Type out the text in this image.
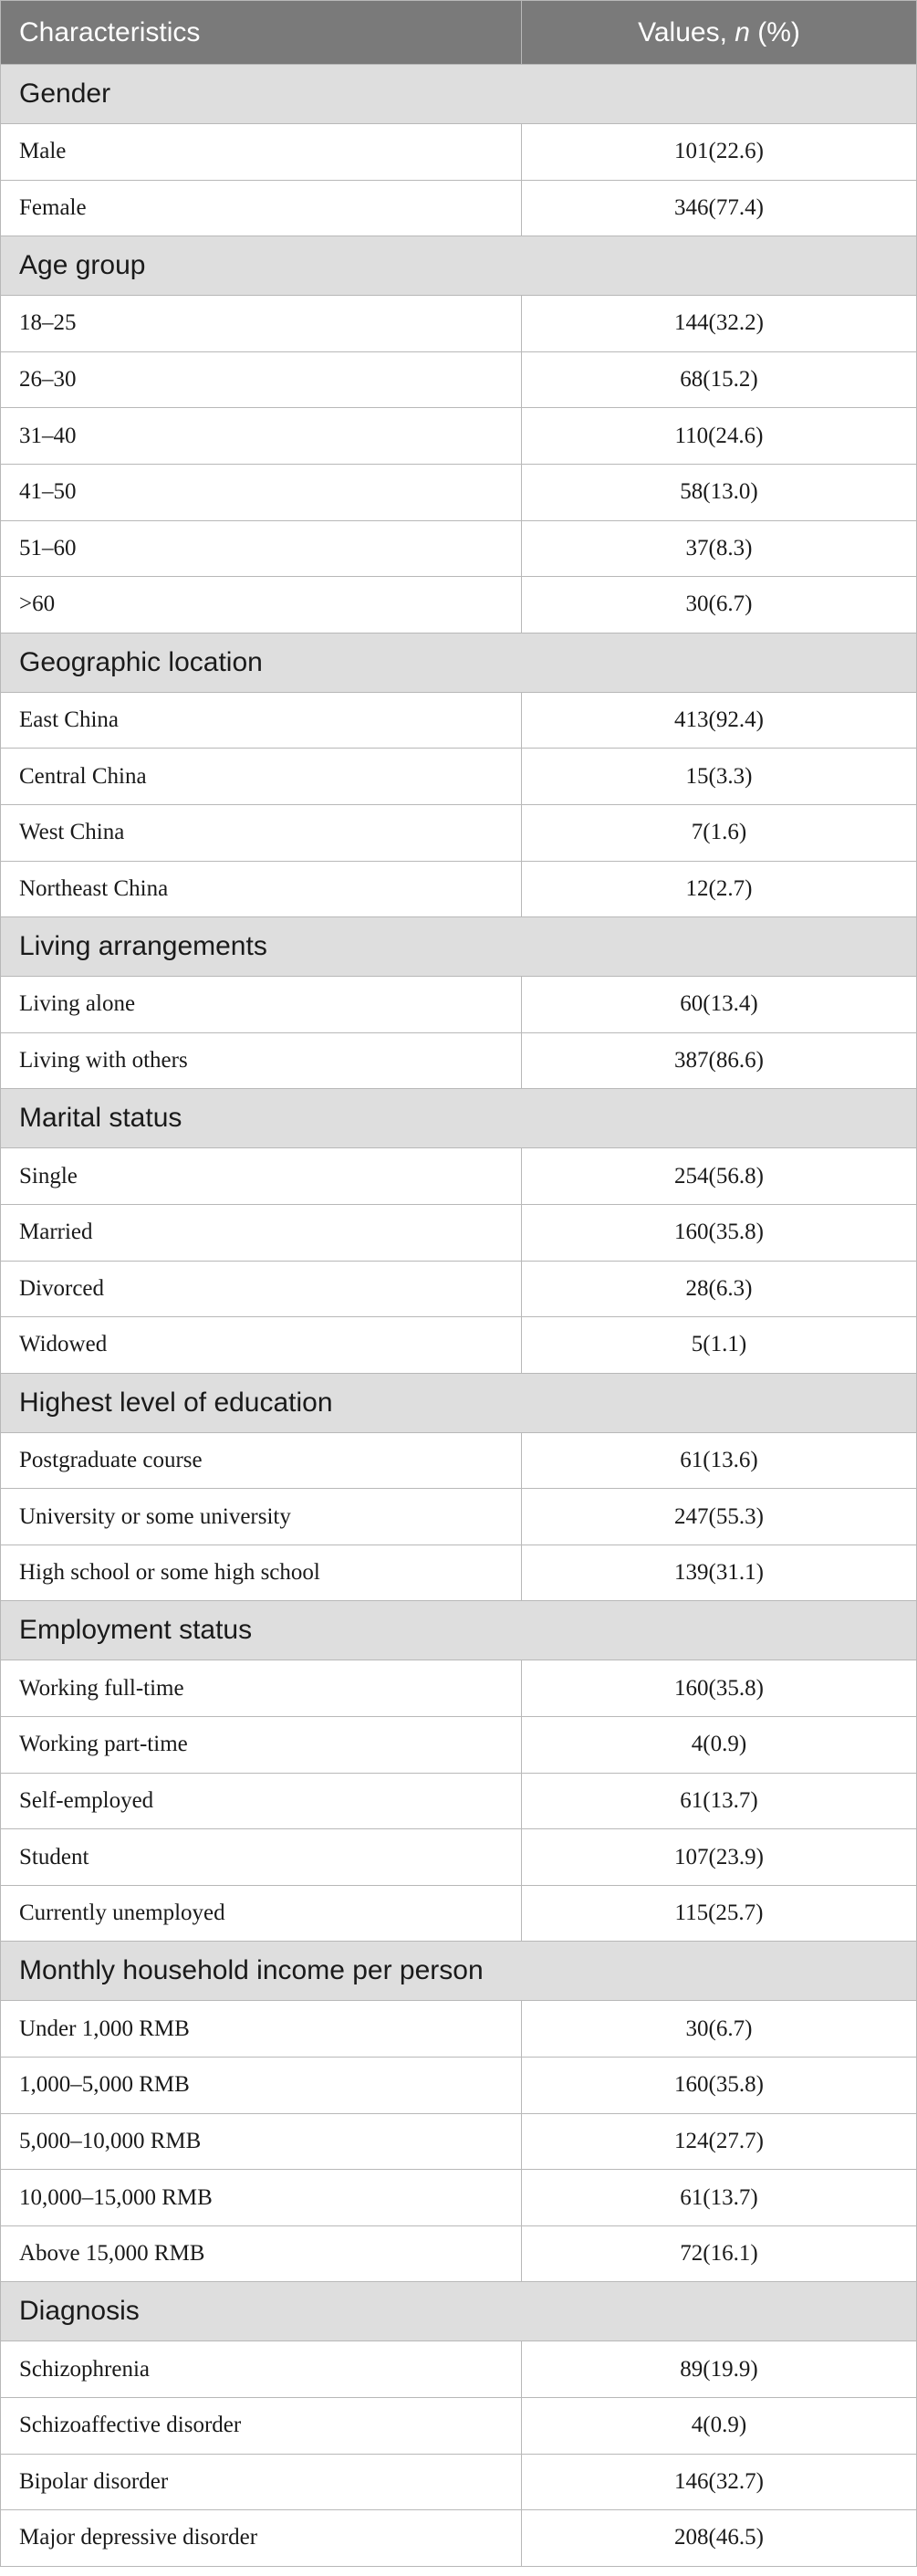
Characteristics	Values, n (%)
Gender	
Male	101(22.6)
Female	346(77.4)
Age group	
18–25	144(32.2)
26–30	68(15.2)
31–40	110(24.6)
41–50	58(13.0)
51–60	37(8.3)
>60	30(6.7)
Geographic location	
East China	413(92.4)
Central China	15(3.3)
West China	7(1.6)
Northeast China	12(2.7)
Living arrangements	
Living alone	60(13.4)
Living with others	387(86.6)
Marital status	
Single	254(56.8)
Married	160(35.8)
Divorced	28(6.3)
Widowed	5(1.1)
Highest level of education	
Postgraduate course	61(13.6)
University or some university	247(55.3)
High school or some high school	139(31.1)
Employment status	
Working full-time	160(35.8)
Working part-time	4(0.9)
Self-employed	61(13.7)
Student	107(23.9)
Currently unemployed	115(25.7)
Monthly household income per person	
Under 1,000 RMB	30(6.7)
1,000–5,000 RMB	160(35.8)
5,000–10,000 RMB	124(27.7)
10,000–15,000 RMB	61(13.7)
Above 15,000 RMB	72(16.1)
Diagnosis	
Schizophrenia	89(19.9)
Schizoaffective disorder	4(0.9)
Bipolar disorder	146(32.7)
Major depressive disorder	208(46.5)
